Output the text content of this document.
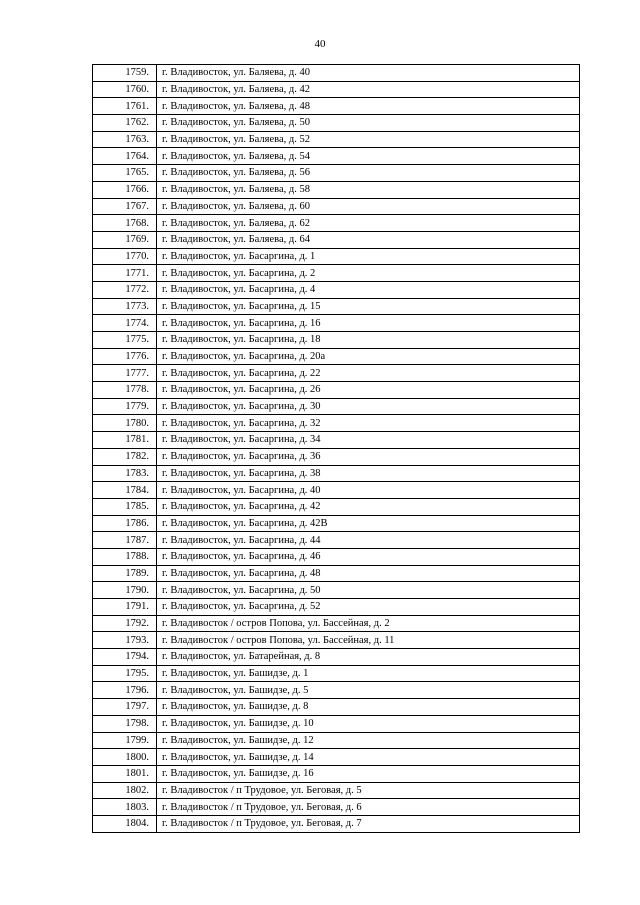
40
1759.	г. Владивосток, ул. Баляева, д. 40
1760.	г. Владивосток, ул. Баляева, д. 42
1761.	г. Владивосток, ул. Баляева, д. 48
1762.	г. Владивосток, ул. Баляева, д. 50
1763.	г. Владивосток, ул. Баляева, д. 52
1764.	г. Владивосток, ул. Баляева, д. 54
1765.	г. Владивосток, ул. Баляева, д. 56
1766.	г. Владивосток, ул. Баляева, д. 58
1767.	г. Владивосток, ул. Баляева, д. 60
1768.	г. Владивосток, ул. Баляева, д. 62
1769.	г. Владивосток, ул. Баляева, д. 64
1770.	г. Владивосток, ул. Басаргина, д. 1
1771.	г. Владивосток, ул. Басаргина, д. 2
1772.	г. Владивосток, ул. Басаргина, д. 4
1773.	г. Владивосток, ул. Басаргина, д. 15
1774.	г. Владивосток, ул. Басаргина, д. 16
1775.	г. Владивосток, ул. Басаргина, д. 18
1776.	г. Владивосток, ул. Басаргина, д. 20а
1777.	г. Владивосток, ул. Басаргина, д. 22
1778.	г. Владивосток, ул. Басаргина, д. 26
1779.	г. Владивосток, ул. Басаргина, д. 30
1780.	г. Владивосток, ул. Басаргина, д. 32
1781.	г. Владивосток, ул. Басаргина, д. 34
1782.	г. Владивосток, ул. Басаргина, д. 36
1783.	г. Владивосток, ул. Басаргина, д. 38
1784.	г. Владивосток, ул. Басаргина, д. 40
1785.	г. Владивосток, ул. Басаргина, д. 42
1786.	г. Владивосток, ул. Басаргина, д. 42В
1787.	г. Владивосток, ул. Басаргина, д. 44
1788.	г. Владивосток, ул. Басаргина, д. 46
1789.	г. Владивосток, ул. Басаргина, д. 48
1790.	г. Владивосток, ул. Басаргина, д. 50
1791.	г. Владивосток, ул. Басаргина, д. 52
1792.	г. Владивосток / остров Попова, ул. Бассейная, д. 2
1793.	г. Владивосток / остров Попова, ул. Бассейная, д. 11
1794.	г. Владивосток, ул. Батарейная, д. 8
1795.	г. Владивосток, ул. Башидзе, д. 1
1796.	г. Владивосток, ул. Башидзе, д. 5
1797.	г. Владивосток, ул. Башидзе, д. 8
1798.	г. Владивосток, ул. Башидзе, д. 10
1799.	г. Владивосток, ул. Башидзе, д. 12
1800.	г. Владивосток, ул. Башидзе, д. 14
1801.	г. Владивосток, ул. Башидзе, д. 16
1802.	г. Владивосток / п Трудовое, ул. Беговая, д. 5
1803.	г. Владивосток / п Трудовое, ул. Беговая, д. 6
1804.	г. Владивосток / п Трудовое, ул. Беговая, д. 7
